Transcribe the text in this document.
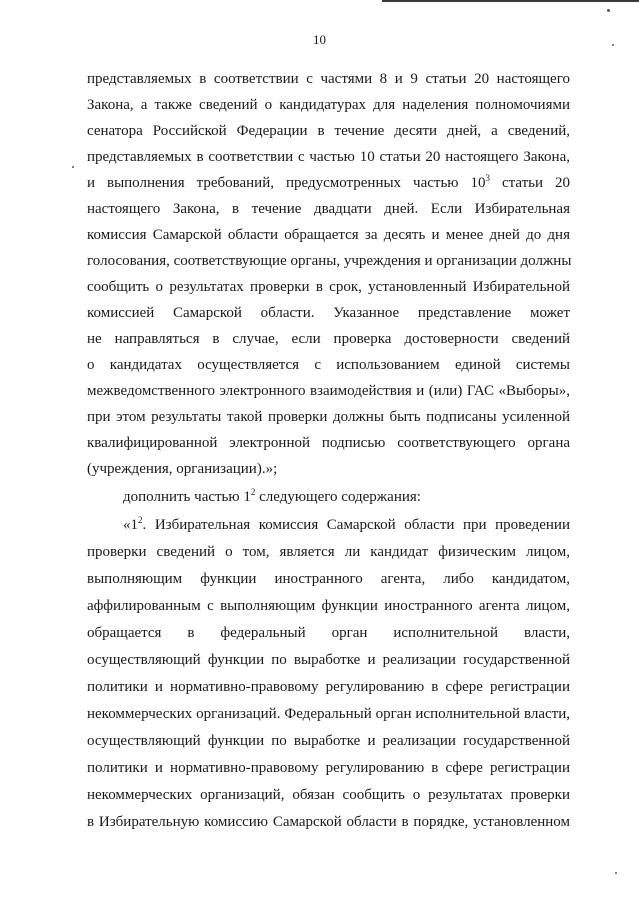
10
представляемых в соответствии с частями 8 и 9 статьи 20 настоящего
Закона, а также сведений о кандидатурах для наделения полномочиями
сенатора Российской Федерации в течение десяти дней, а сведений,
представляемых в соответствии с частью 10 статьи 20 настоящего Закона,
и выполнения требований, предусмотренных частью $10^3$ статьи 20
настоящего Закона, в течение двадцати дней. Если Избирательная
комиссия Самарской области обращается за десять и менее дней до дня
голосования, соответствующие органы, учреждения и организации должны
сообщить о результатах проверки в срок, установленный Избирательной
комиссией Самарской области. Указанное представление может
не направляться в случае, если проверка достоверности сведений
о кандидатах осуществляется с использованием единой системы
межведомственного электронного взаимодействия и (или) ГАС «Выборы»,
при этом результаты такой проверки должны быть подписаны усиленной
квалифицированной электронной подписью соответствующего органа
(учреждения, организации).»;
дополнить частью $1^2$ следующего содержания:
«$1^2$. Избирательная комиссия Самарской области при проведении
проверки сведений о том, является ли кандидат физическим лицом,
выполняющим функции иностранного агента, либо кандидатом,
аффилированным с выполняющим функции иностранного агента лицом,
обращается в федеральный орган исполнительной власти,
осуществляющий функции по выработке и реализации государственной
политики и нормативно-правовому регулированию в сфере регистрации
некоммерческих организаций. Федеральный орган исполнительной власти,
осуществляющий функции по выработке и реализации государственной
политики и нормативно-правовому регулированию в сфере регистрации
некоммерческих организаций, обязан сообщить о результатах проверки
в Избирательную комиссию Самарской области в порядке, установленном
